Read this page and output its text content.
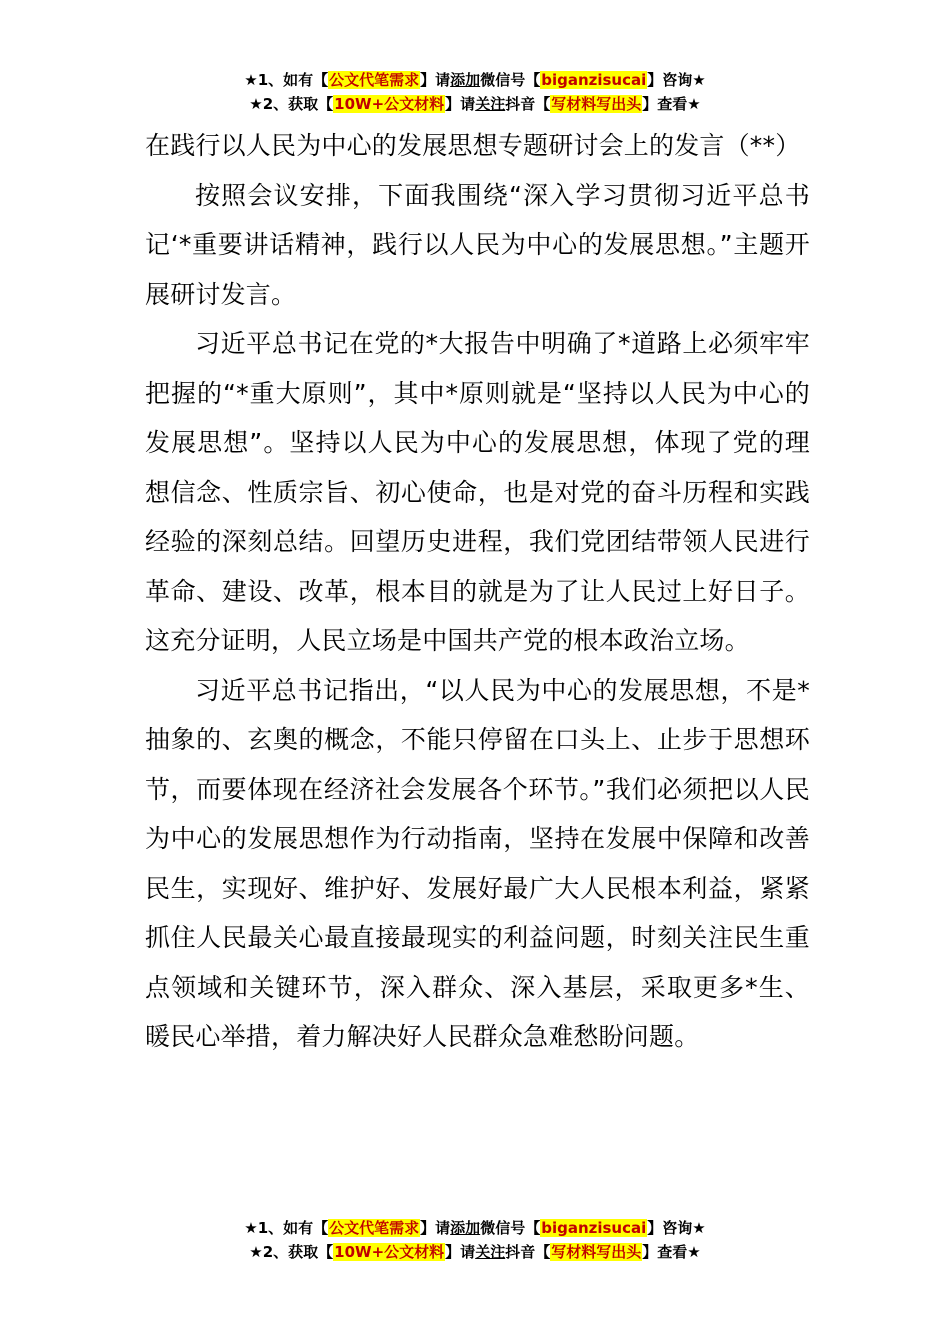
★1、如有【公文代笔需求】请添加微信号【biganzisucai】咨询★
★2、获取【10W+公文材料】请关注抖音【写材料写出头】查看★

在践行以人民为中心的发展思想专题研讨会上的发言（**）

按照会议安排，下面我围绕“深入学习贯彻习近平总书记‘*重要讲话精神，践行以人民为中心的发展思想。”主题开展研讨发言。

习近平总书记在党的*大报告中明确了*道路上必须牢牢把握的“*重大原则”，其中*原则就是“坚持以人民为中心的发展思想”。坚持以人民为中心的发展思想，体现了党的理想信念、性质宗旨、初心使命，也是对党的奋斗历程和实践经验的深刻总结。回望历史进程，我们党团结带领人民进行革命、建设、改革，根本目的就是为了让人民过上好日子。这充分证明，人民立场是中国共产党的根本政治立场。

习近平总书记指出，“以人民为中心的发展思想，不是*抽象的、玄奥的概念，不能只停留在口头上、止步于思想环节，而要体现在经济社会发展各个环节。”我们必须把以人民为中心的发展思想作为行动指南，坚持在发展中保障和改善民生，实现好、维护好、发展好最广大人民根本利益，紧紧抓住人民最关心最直接最现实的利益问题，时刻关注民生重点领域和关键环节，深入群众、深入基层，采取更多*生、暖民心举措，着力解决好人民群众急难愁盼问题。

★1、如有【公文代笔需求】请添加微信号【biganzisucai】咨询★
★2、获取【10W+公文材料】请关注抖音【写材料写出头】查看★
